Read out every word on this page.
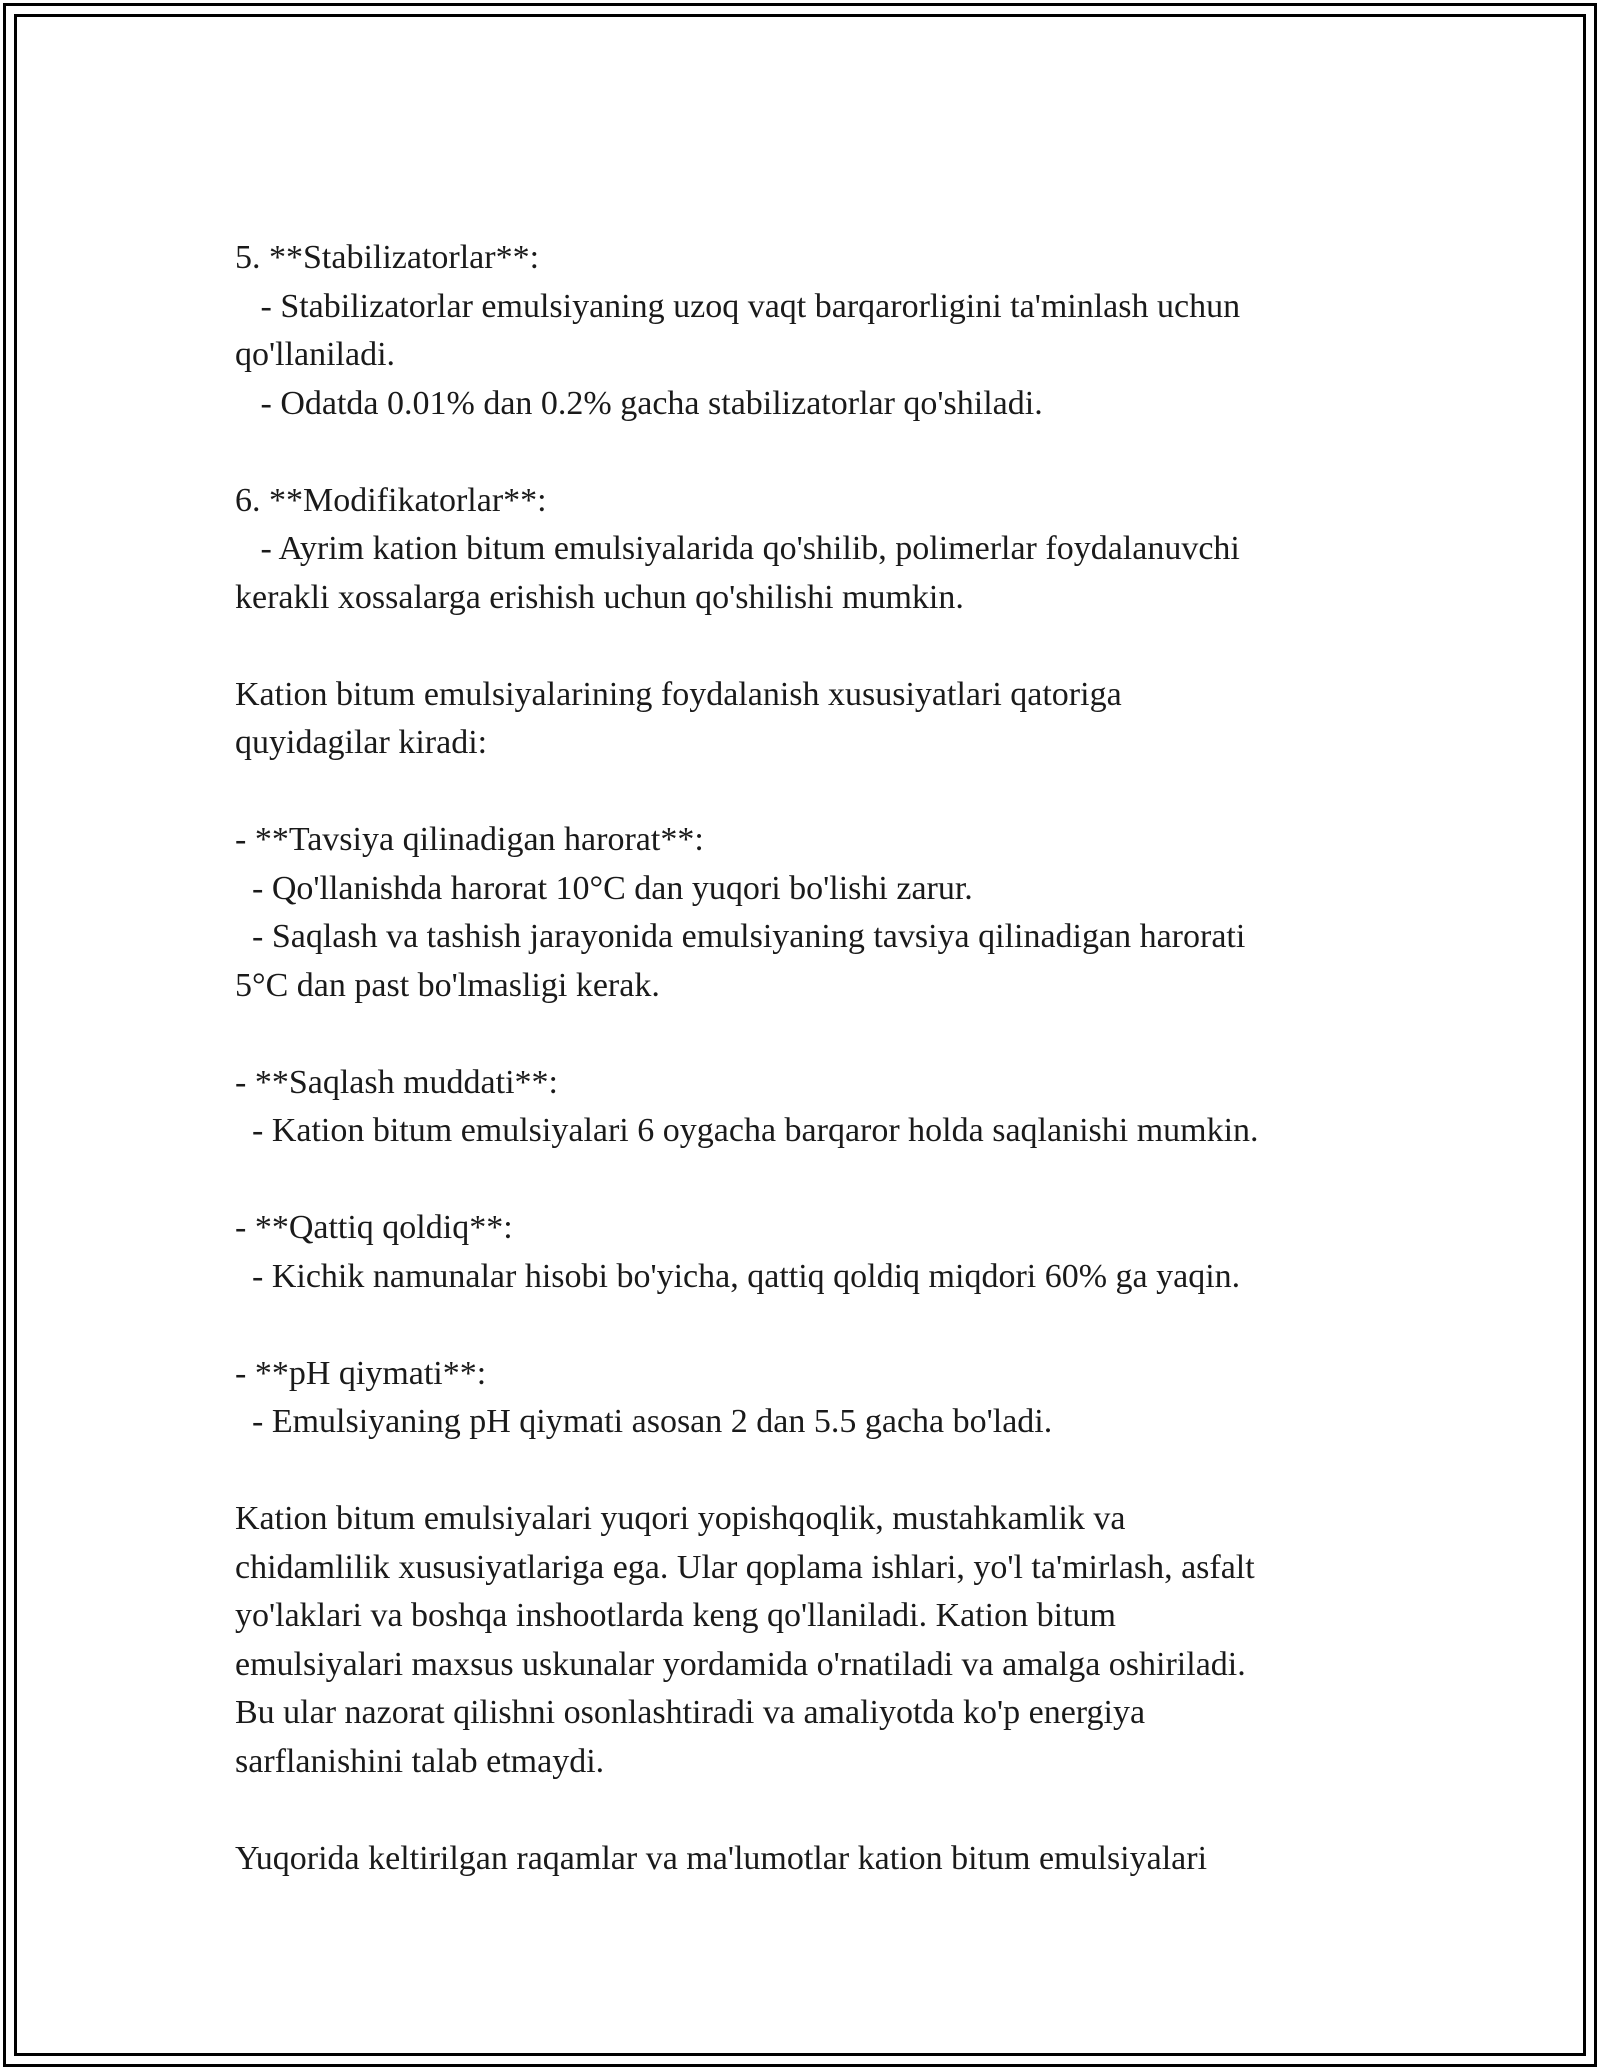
5. **Stabilizatorlar**:
- Stabilizatorlar emulsiyaning uzoq vaqt barqarorligini ta'minlash uchun
qo'llaniladi.
- Odatda 0.01% dan 0.2% gacha stabilizatorlar qo'shiladi.
6. **Modifikatorlar**:
- Ayrim kation bitum emulsiyalarida qo'shilib, polimerlar foydalanuvchi
kerakli xossalarga erishish uchun qo'shilishi mumkin.
Kation bitum emulsiyalarining foydalanish xususiyatlari qatoriga
quyidagilar kiradi:
- **Tavsiya qilinadigan harorat**:
- Qo'llanishda harorat 10°C dan yuqori bo'lishi zarur.
- Saqlash va tashish jarayonida emulsiyaning tavsiya qilinadigan harorati
5°C dan past bo'lmasligi kerak.
- **Saqlash muddati**:
- Kation bitum emulsiyalari 6 oygacha barqaror holda saqlanishi mumkin.
- **Qattiq qoldiq**:
- Kichik namunalar hisobi bo'yicha, qattiq qoldiq miqdori 60% ga yaqin.
- **pH qiymati**:
- Emulsiyaning pH qiymati asosan 2 dan 5.5 gacha bo'ladi.
Kation bitum emulsiyalari yuqori yopishqoqlik, mustahkamlik va
chidamlilik xususiyatlariga ega. Ular qoplama ishlari, yo'l ta'mirlash, asfalt
yo'laklari va boshqa inshootlarda keng qo'llaniladi. Kation bitum
emulsiyalari maxsus uskunalar yordamida o'rnatiladi va amalga oshiriladi.
Bu ular nazorat qilishni osonlashtiradi va amaliyotda ko'p energiya
sarflanishini talab etmaydi.
Yuqorida keltirilgan raqamlar va ma'lumotlar kation bitum emulsiyalari
